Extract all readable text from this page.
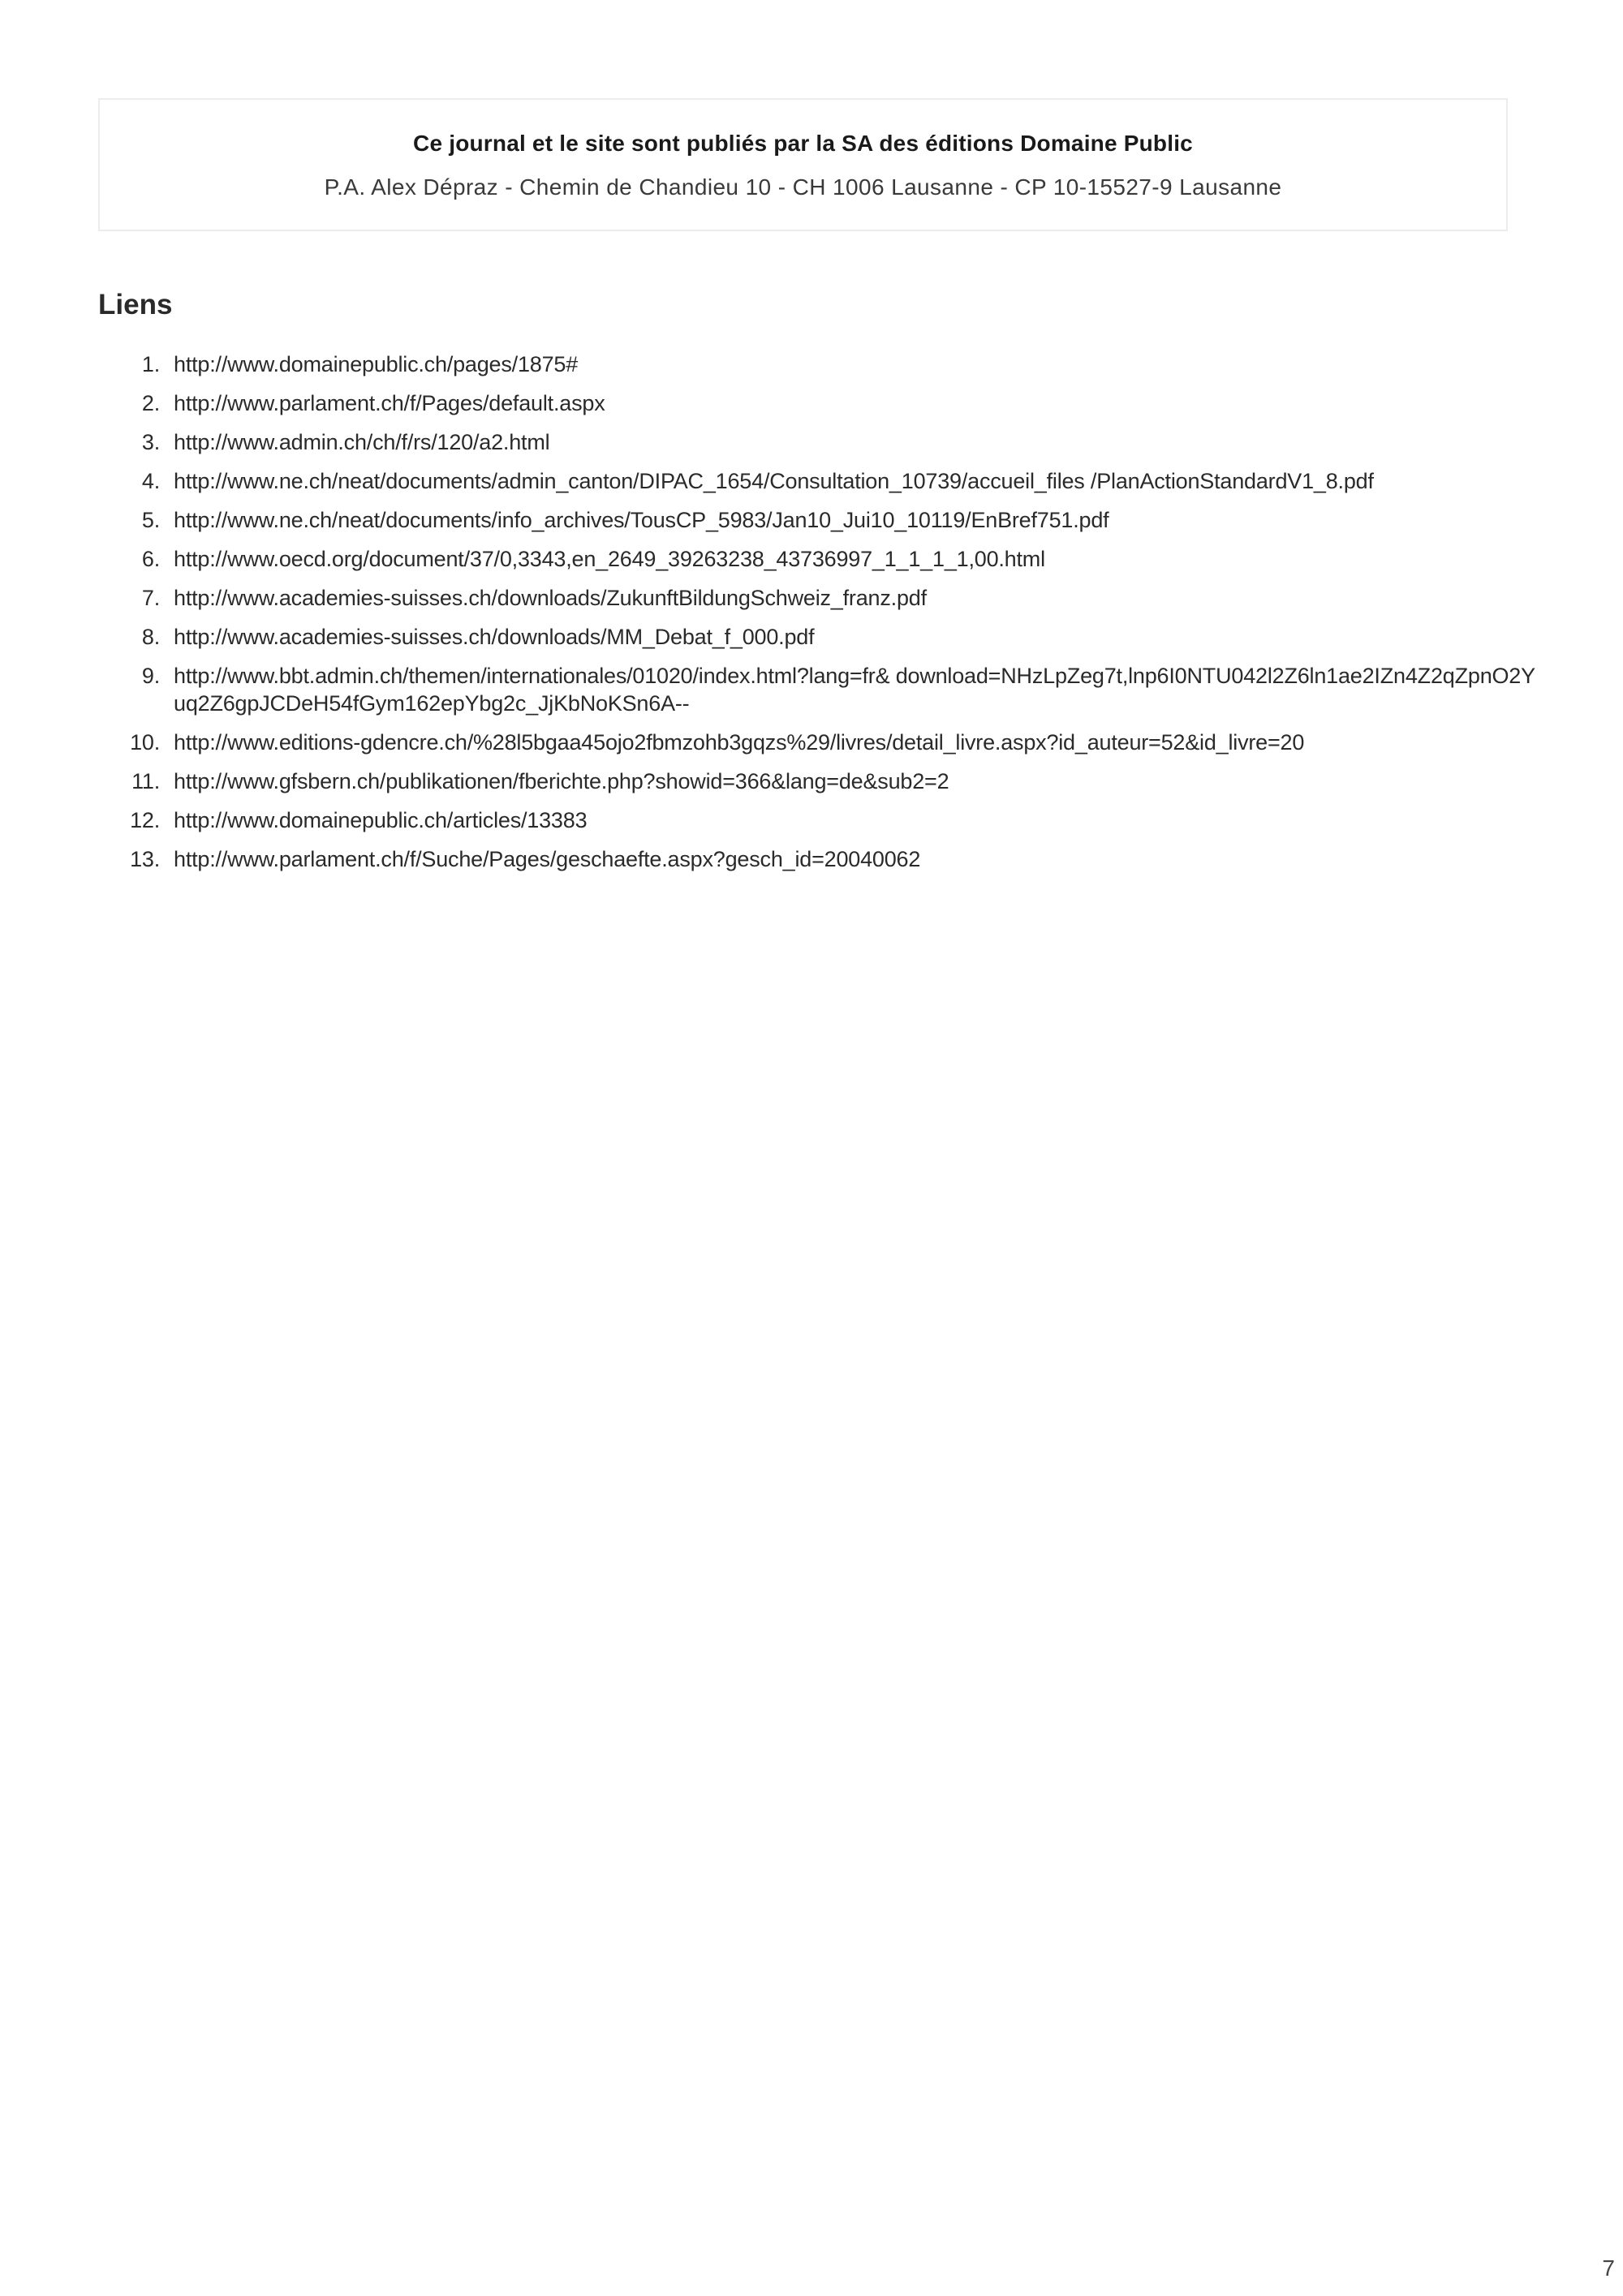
Ce journal et le site sont publiés par la SA des éditions Domaine Public
P.A. Alex Dépraz - Chemin de Chandieu 10 - CH 1006 Lausanne - CP 10-15527-9 Lausanne
Liens
1. http://www.domainepublic.ch/pages/1875#
2. http://www.parlament.ch/f/Pages/default.aspx
3. http://www.admin.ch/ch/f/rs/120/a2.html
4. http://www.ne.ch/neat/documents/admin_canton/DIPAC_1654/Consultation_10739/accueil_files /PlanActionStandardV1_8.pdf
5. http://www.ne.ch/neat/documents/info_archives/TousCP_5983/Jan10_Jui10_10119/EnBref751.pdf
6. http://www.oecd.org/document/37/0,3343,en_2649_39263238_43736997_1_1_1_1,00.html
7. http://www.academies-suisses.ch/downloads/ZukunftBildungSchweiz_franz.pdf
8. http://www.academies-suisses.ch/downloads/MM_Debat_f_000.pdf
9. http://www.bbt.admin.ch/themen/internationales/01020/index.html?lang=fr& download=NHzLpZeg7t,lnp6I0NTU042l2Z6ln1ae2IZn4Z2qZpnO2Yuq2Z6gpJCDeH54fGym162epYbg2c_JjKbNoKSn6A--
10. http://www.editions-gdencre.ch/%28l5bgaa45ojo2fbmzohb3gqzs%29/livres/detail_livre.aspx?id_auteur=52&id_livre=20
11. http://www.gfsbern.ch/publikationen/fberichte.php?showid=366&lang=de&sub2=2
12. http://www.domainepublic.ch/articles/13383
13. http://www.parlament.ch/f/Suche/Pages/geschaefte.aspx?gesch_id=20040062
7
